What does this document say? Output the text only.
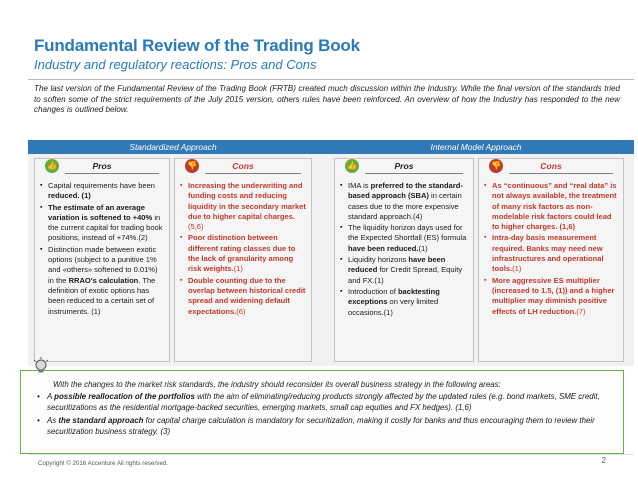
Fundamental Review of the Trading Book
Industry and regulatory reactions: Pros and Cons
The last version of the Fundamental Review of the Trading Book (FRTB) created much discussion within the Industry. While the final version of the standards tried to soften some of the strict requirements of the July 2015 version, others rules have been reinforced. An overview of how the Industry has responded to the new changes is outlined below.
Standardized Approach
👍	Pros
▪ Capital requirements have been reduced. (1)
▪ The estimate of an average variation is softened to +40% in the current capital for trading book positions, instead of +74%.(2)
▪ Distinction made between exotic options (subject to a punitive 1% and «others» softened to 0.01%) in the RRAO's calculation. The definition of exotic options has been reduced to a certain set of instruments. (1)
👎	Cons
▪ Increasing the underwriting and funding costs and reducing liquidity in the secondary market due to higher capital charges.(5,6)
▪ Poor distinction between different rating classes due to the lack of granularity among risk weights.(1)
▪ Double counting due to the overlap between historical credit spread and widening default expectations.(6)
Internal Model Approach
👍	Pros
▪ IMA is preferred to the standard-based approach (SBA) in certain cases due to the more expensive standard approach.(4)
▪ The liquidity horizon days used for the Expected Shortfall (ES) formula have been reduced.(1)
▪ Liquidity horizons have been reduced for Credit Spread, Equity and FX.(1)
▪ Introduction of backtesting exceptions on very limited occasions.(1)
👎	Cons
▪ As “continuous” and “real data” is not always available, the treatment of many risk factors as non-modelable risk factors could lead to higher charges. (1,6)
▪ Intra-day basis measurement required. Banks may need new infrastructures and operational tools.(1)
▪ More aggressive ES multiplier (increased to 1.5, (1)) and a higher multiplier may diminish positive effects of LH reduction.(7)
With the changes to the market risk standards, the industry should reconsider its overall business strategy in the following areas:
• A possible reallocation of the portfolios with the aim of eliminating/reducing products strongly affected by the updated rules (e.g. bond markets, SME credit, securitizations as the residential mortgage-backed securities, emerging markets, small cap equities and FX hedges). (1,6)
• As the standard approach for capital charge calculation is mandatory for securitization, making it costly for banks and thus encouraging them to review their securitization business strategy. (3)
Copyright © 2016 Accenture All rights reserved.	2
